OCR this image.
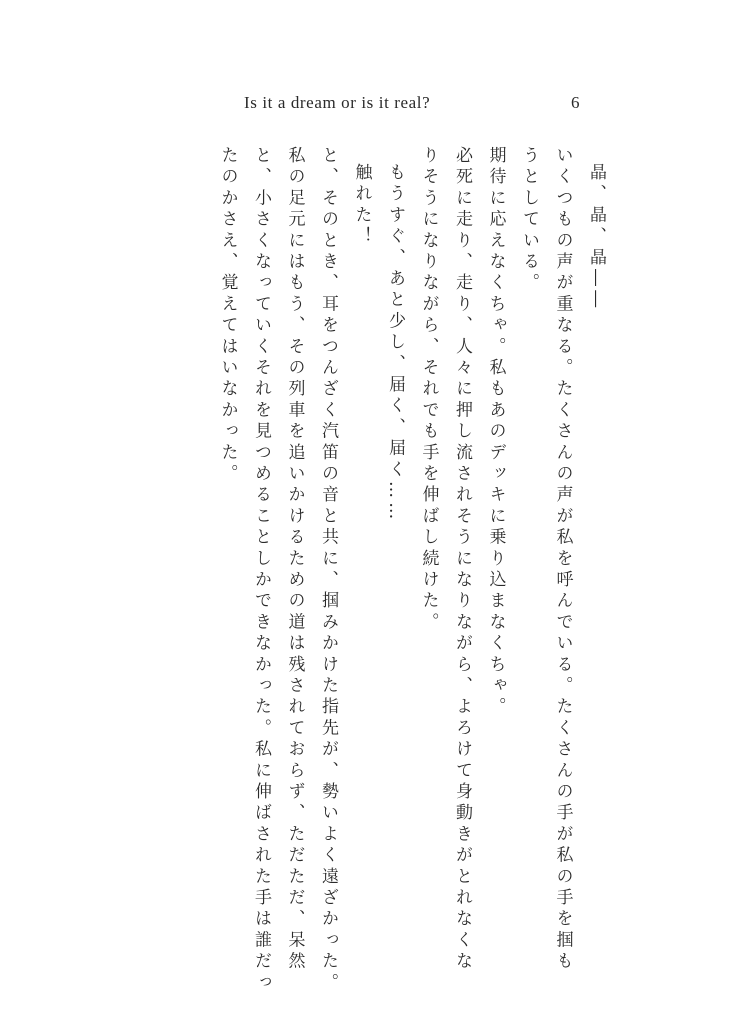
Is it a dream or is it real?	6
晶、晶、晶――
いくつもの声が重なる。たくさんの声が私を呼んでいる。たくさんの手が私の手を掴も
うとしている。
期待に応えなくちゃ。私もあのデッキに乗り込まなくちゃ。
必死に走り、走り、人々に押し流されそうになりながら、よろけて身動きがとれなくな
りそうになりながら、それでも手を伸ばし続けた。
もうすぐ、あと少し、届く、届く……
触れた！
と、そのとき、耳をつんざく汽笛の音と共に、掴みかけた指先が、勢いよく遠ざかった。
私の足元にはもう、その列車を追いかけるための道は残されておらず、ただただ、呆然
と、小さくなっていくそれを見つめることしかできなかった。私に伸ばされた手は誰だっ
たのかさえ、覚えてはいなかった。
